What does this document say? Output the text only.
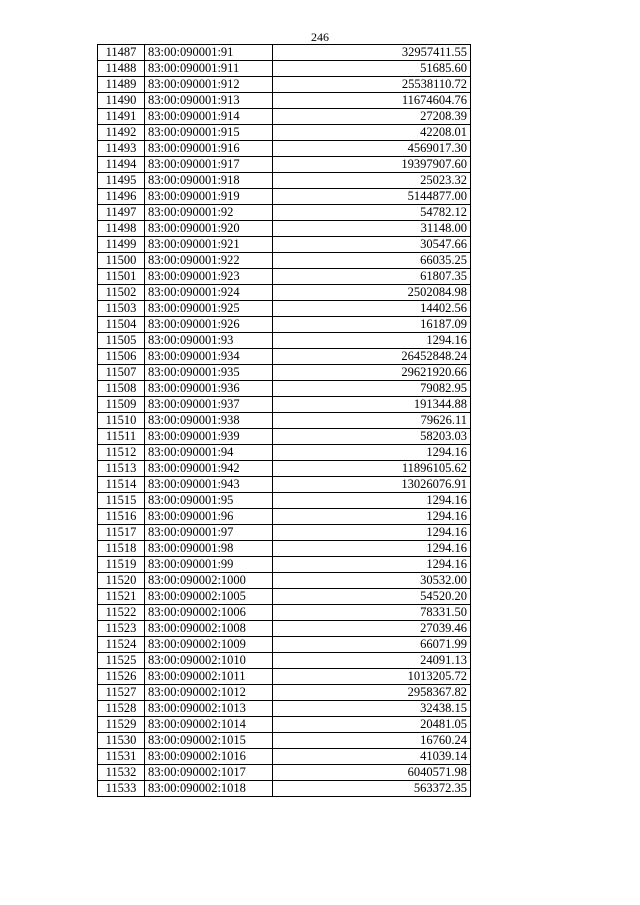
246
11487	83:00:090001:91	32957411.55
11488	83:00:090001:911	51685.60
11489	83:00:090001:912	25538110.72
11490	83:00:090001:913	11674604.76
11491	83:00:090001:914	27208.39
11492	83:00:090001:915	42208.01
11493	83:00:090001:916	4569017.30
11494	83:00:090001:917	19397907.60
11495	83:00:090001:918	25023.32
11496	83:00:090001:919	5144877.00
11497	83:00:090001:92	54782.12
11498	83:00:090001:920	31148.00
11499	83:00:090001:921	30547.66
11500	83:00:090001:922	66035.25
11501	83:00:090001:923	61807.35
11502	83:00:090001:924	2502084.98
11503	83:00:090001:925	14402.56
11504	83:00:090001:926	16187.09
11505	83:00:090001:93	1294.16
11506	83:00:090001:934	26452848.24
11507	83:00:090001:935	29621920.66
11508	83:00:090001:936	79082.95
11509	83:00:090001:937	191344.88
11510	83:00:090001:938	79626.11
11511	83:00:090001:939	58203.03
11512	83:00:090001:94	1294.16
11513	83:00:090001:942	11896105.62
11514	83:00:090001:943	13026076.91
11515	83:00:090001:95	1294.16
11516	83:00:090001:96	1294.16
11517	83:00:090001:97	1294.16
11518	83:00:090001:98	1294.16
11519	83:00:090001:99	1294.16
11520	83:00:090002:1000	30532.00
11521	83:00:090002:1005	54520.20
11522	83:00:090002:1006	78331.50
11523	83:00:090002:1008	27039.46
11524	83:00:090002:1009	66071.99
11525	83:00:090002:1010	24091.13
11526	83:00:090002:1011	1013205.72
11527	83:00:090002:1012	2958367.82
11528	83:00:090002:1013	32438.15
11529	83:00:090002:1014	20481.05
11530	83:00:090002:1015	16760.24
11531	83:00:090002:1016	41039.14
11532	83:00:090002:1017	6040571.98
11533	83:00:090002:1018	563372.35
